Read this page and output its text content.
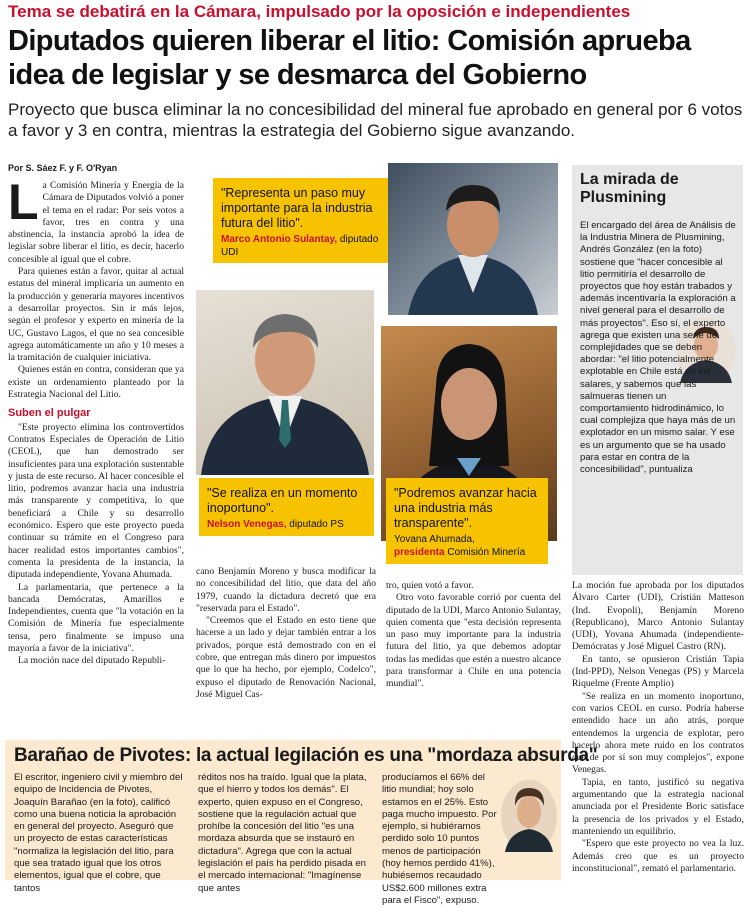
Tema se debatirá en la Cámara, impulsado por la oposición e independientes
Diputados quieren liberar el litio: Comisión aprueba idea de legislar y se desmarca del Gobierno
Proyecto que busca eliminar la no concesibilidad del mineral fue aprobado en general por 6 votos a favor y 3 en contra, mientras la estrategia del Gobierno sigue avanzando.
Por S. Sáez F. y F. O'Ryan
L a Comisión Minería y Energía de la Cámara de Diputados volvió a poner el tema en el radar: Por seis votos a favor, tres en contra y una abstinencia, la instancia aprobó la idea de legislar sobre liberar el litio, es decir, hacerlo concesible al igual que el cobre.

Para quienes están a favor, quitar al actual estatus del mineral implicaría un aumento en la producción y generaría mayores incentivos a desarrollar proyectos. Sin ir más lejos, según el profesor y experto en minería de la UC, Gustavo Lagos, el que no sea concesible agrega automáticamente un año y 10 meses a la tramitación de cualquier iniciativa.

Quienes están en contra, consideran que ya existe un ordenamiento planteado por la Estrategia Nacional del Litio.

Suben el pulgar

"Este proyecto elimina los controvertidos Contratos Especiales de Operación de Litio (CEOL), que han demostrado ser insuficientes para una explotación sustentable y justa de este recurso. Al hacer concesible el litio, podremos avanzar hacia una industria más transparente y competitiva, lo que beneficiará a Chile y su desarrollo económico. Espero que este proyecto pueda continuar su trámite en el Congreso para hacer realidad estos importantes cambios", comenta la presidenta de la instancia, la diputada independiente, Yovana Ahumada.

La parlamentaria, que pertenece a la bancada Demócratas, Amarillos e Independientes, cuenta que "la votación en la Comisión de Minería fue especialmente tensa, pero finalmente se impuso una mayoría a favor de la iniciativa".

La moción nace del diputado Republi-

"Representa un paso muy importante para la industria futura del litio".
Marco Antonio Sulantay, diputado UDI
"Se realiza en un momento inoportuno".
Nelson Venegas, diputado PS
"Podremos avanzar hacia una industria más transparente".
Yovana Ahumada,
presidenta Comisión Minería

cano Benjamín Moreno y busca modificar la no concesibilidad del litio, que data del año 1979, cuando la dictadura decretó que era "reservada para el Estado".

"Creemos que el Estado en esto tiene que hacerse a un lado y dejar también entrar a los privados, porque está demostrado con en el cobre, que entregan más dinero por impuestos que lo que ha hecho, por ejemplo, Codelco", expuso el diputado de Renovación Nacional, José Miguel Cas-

tro, quien votó a favor.

Otro voto favorable corrió por cuenta del diputado de la UDI, Marco Antonio Sulantay, quien comenta que "esta decisión representa un paso muy importante para la industria futura del litio, ya que debemos adoptar todas las medidas que estén a nuestro alcance para transformar a Chile en una potencia mundial".

La mirada de Plusmining
El encargado del área de Análisis de la Industria Minera de Plusmining, Andrés González (en la foto) sostiene que "hacer concesible al litio permitiría el desarrollo de proyectos que hoy están trabados y además incentivaría la exploración a nivel general para el desarrollo de más proyectos". Eso sí, el experto agrega que existen una serie de complejidades que se deben abordar: "el litio potencialmente explotable en Chile está en los salares, y sabemos que las salmueras tienen un comportamiento hidrodinámico, lo cual complejiza que haya más de un explotador en un mismo salar. Y ese es un argumento que se ha usado para estar en contra de la concesibilidad", puntualiza

La moción fue aprobada por los diputados Álvaro Carter (UDI), Cristián Matteson (Ind. Evopoli), Benjamín Moreno (Republicano), Marco Antonio Sulantay (UDI), Yovana Ahumada (independiente-Demócratas y José Miguel Castro (RN).

En tanto, se opusieron Cristián Tapia (Ind-PPD), Nelson Venegas (PS) y Marcela Riquelme (Frente Amplio)

"Se realiza en un momento inoportuno, con varios CEOL en curso. Podría haberse entendido hace un año atrás, porque entendemos la urgencia de explotar, pero hacerlo ahora mete ruido en los contratos que de por sí son muy complejos", expone Venegas.

Tapia, en tanto, justificó su negativa argumentando que la estrategia nacional anunciada por el Presidente Boric satisface la presencia de los privados y el Estado, manteniendo un equilibrio.

"Espero que este proyecto no vea la luz. Además creo que es un proyecto inconstitucional", remató el parlamentario.

Barañao de Pivotes: la actual legilación es una "mordaza absurda"
El escritor, ingeniero civil y miembro del equipo de Incidencia de Pivotes, Joaquín Barañao (en la foto), calificó como una buena noticia la aprobación en general del proyecto. Aseguró que un proyecto de estas características "normaliza la legislación del litio, para que sea tratado igual que los otros elementos, igual que el cobre, que tantos
réditos nos ha traído. Igual que la plata, que el hierro y todos los demás". El experto, quien expuso en el Congreso, sostiene que la regulación actual que prohíbe la concesión del litio "es una mordaza absurda que se instauró en dictadura". Agrega que con la actual legislación el país ha perdido pisada en el mercado internacional: "Imagínense que antes
producíamos el 66% del litio mundial; hoy solo estamos en el 25%. Esto paga mucho impuesto. Por ejemplo, si hubiéramos perdido solo 10 puntos menos de participación (hoy hemos perdido 41%), hubiésemos recaudado US$2.600 millones extra para el Fisco", expuso.
